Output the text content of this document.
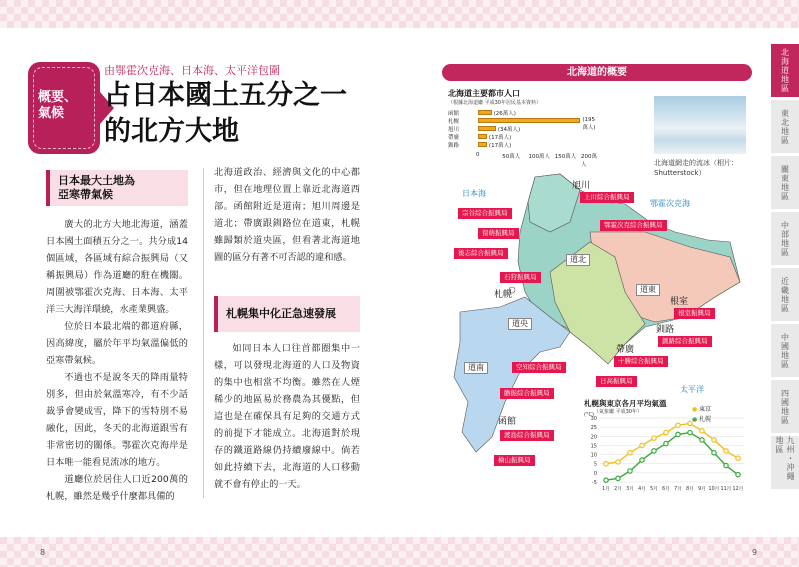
概要、
氣候
由鄂霍次克海、日本海、太平洋包圍
占日本國土五分之一
的北方大地
日本最大土地為
亞寒帶氣候

廣大的北方大地北海道，涵蓋日本國土面積五分之一。共分成14個區域，各區域有綜合振興局（又稱振興局）作為道廳的駐在機關。周圍被鄂霍次克海、日本海、太平洋三大海洋環繞，水產業興盛。

位於日本最北端的都道府縣，因高緯度，屬於年平均氣溫偏低的亞寒帶氣候。

不過也不是說冬天的降雨量特別多，但由於氣溫寒冷，有不少話裁爭會變成雪，降下的雪特別不易融化，因此，冬天的北海道跟雪有非常密切的關係。鄂霍次克海岸是日本唯一能看見流冰的地方。

道廳位於居住人口近200萬的札幌，雖然是幾乎什麼都具備的

北海道政治、經濟與文化的中心都市，但在地理位置上靠近北海道西部。函館附近是道南；旭川周邊是道北；帶廣跟釧路位在道東，札幌雖歸類於道央區，但看著北海道地圖的區分有著不可否認的違和感。

札幌集中化正急速發展

如同日本人口往首都圈集中一樣，可以發現北海道的人口及物資的集中也相當不均衡。雖然在人煙稀少的地區易於務農為其優點，但這也是在確保具有足夠的交通方式的前提下才能成立。北海道對於現存的鐵道路線仍持續廢線中。倘若如此持續下去，北海道的人口移動就不會有停止的一天。

8
北海道的概要
北海道主要都市人口
（根據北海道廳 平成30年居民基本資料）
函館	(26萬人)
札幌	(195萬人)
旭川	(34萬人)
帶廣	(17萬人)
釧路	(17萬人)
0	50萬人 100萬人 150萬人 200萬人	北海道網走的流冰（相片：Shutterstock）
日本海
鄂霍次克海
太平洋
道北
道東
道央
道南
旭川
札幌
根室
釧路
帶廣
函館
宗谷綜合振興局
留萌振興局
後志綜合振興局
石狩振興局
空知綜合振興局
膽振綜合振興局
渡島綜合振興局
檜山振興局
上川綜合振興局
鄂霍次克綜合振興局
根室振興局
釧路綜合振興局
十勝綜合振興局
日高振興局
札幌與東京各月平均氣溫
（氣象廳 平成30年）	● 東京
● 札幌
(°C)
-5
0
5
10
15
20
25
30
1月 2月 3月 4月 5月 6月 7月 8月 9月 10月 11月 12月
9
北海道地區
東北地區
關東地區
中部地區
近畿地區
中國地區
四國地區
九州・沖繩地區
